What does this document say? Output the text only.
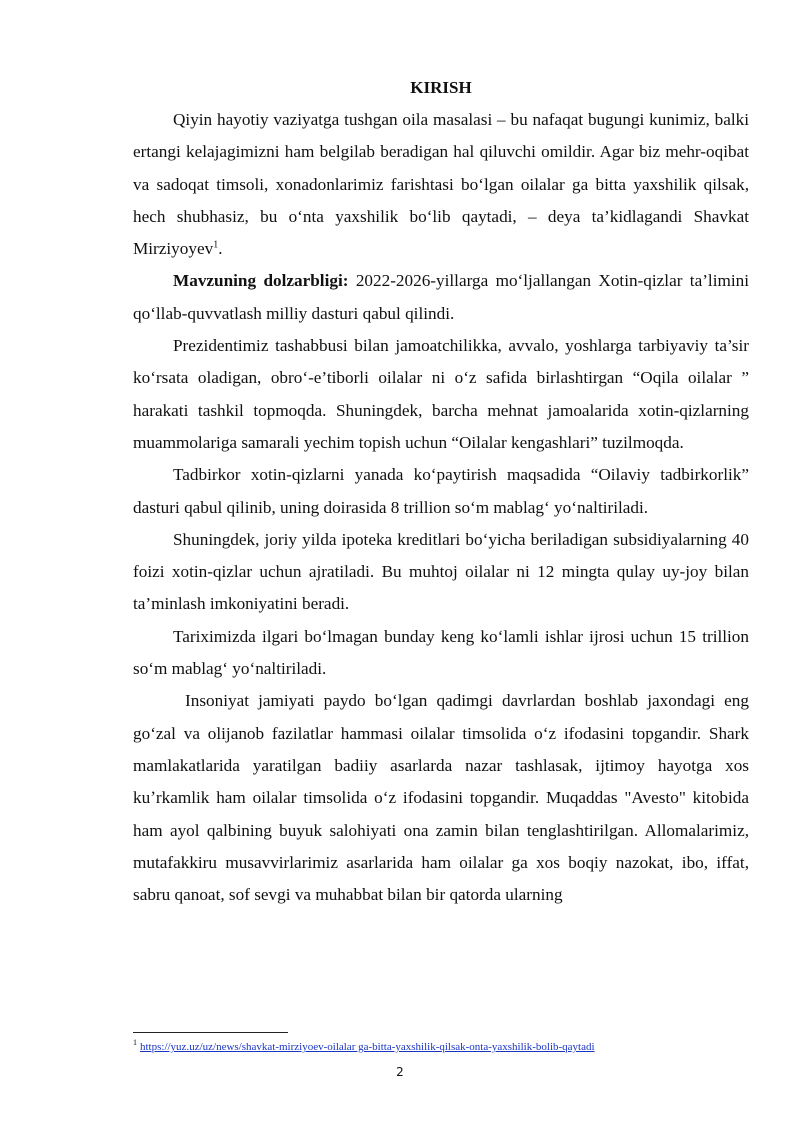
KIRISH

Qiyin hayotiy vaziyatga tushgan oila masalasi – bu nafaqat bugungi kunimiz, balki ertangi kelajagimizni ham belgilab beradigan hal qiluvchi omildir. Agar biz mehr-oqibat va sadoqat timsoli, xonadonlarimiz farishtasi boʻlgan oilalar ga bitta yaxshilik qilsak, hech shubhasiz, bu oʻnta yaxshilik boʻlib qaytadi, – deya ta’kidlagandi Shavkat Mirziyoyev$^1$.

Mavzuning dolzarbligi: 2022-2026-yillarga moʻljallangan Xotin-qizlar ta’limini qoʻllab-quvvatlash milliy dasturi qabul qilindi.

Prezidentimiz tashabbusi bilan jamoatchilikka, avvalo, yoshlarga tarbiyaviy ta’sir koʻrsata oladigan, obroʻ-e’tiborli oilalar ni oʻz safida birlashtirgan “Oqila oilalar ” harakati tashkil topmoqda. Shuningdek, barcha mehnat jamoalarida xotin-qizlarning muammolariga samarali yechim topish uchun “Oilalar kengashlari” tuzilmoqda.

Tadbirkor xotin-qizlarni yanada koʻpaytirish maqsadida “Oilaviy tadbirkorlik” dasturi qabul qilinib, uning doirasida 8 trillion soʻm mablagʻ yoʻnaltiriladi.

Shuningdek, joriy yilda ipoteka kreditlari boʻyicha beriladigan subsidiyalarning 40 foizi xotin-qizlar uchun ajratiladi. Bu muhtoj oilalar ni 12 mingta qulay uy-joy bilan ta’minlash imkoniyatini beradi.

Tariximizda ilgari boʻlmagan bunday keng koʻlamli ishlar ijrosi uchun 15 trillion soʻm mablagʻ yoʻnaltiriladi.

Insoniyat jamiyati paydo boʻlgan qadimgi davrlardan boshlab jaxondagi eng goʻzal va olijanob fazilatlar hammasi oilalar timsolida oʻz ifodasini topgandir. Shark mamlakatlarida yaratilgan badiiy asarlarda nazar tashlasak, ijtimoy hayotga xos kuʼrkamlik ham oilalar timsolida oʻz ifodasini topgandir. Muqaddas "Avesto" kitobida ham ayol qalbining buyuk salohiyati ona zamin bilan tenglashtirilgan. Allomalarimiz, mutafakkiru musavvirlarimiz asarlarida ham oilalar ga xos boqiy nazokat, ibo, iffat, sabru qanoat, sof sevgi va muhabbat bilan bir qatorda ularning

$^1$ https://yuz.uz/uz/news/shavkat-mirziyoev-oilalar ga-bitta-yaxshilik-qilsak-onta-yaxshilik-bolib-qaytadi
2
